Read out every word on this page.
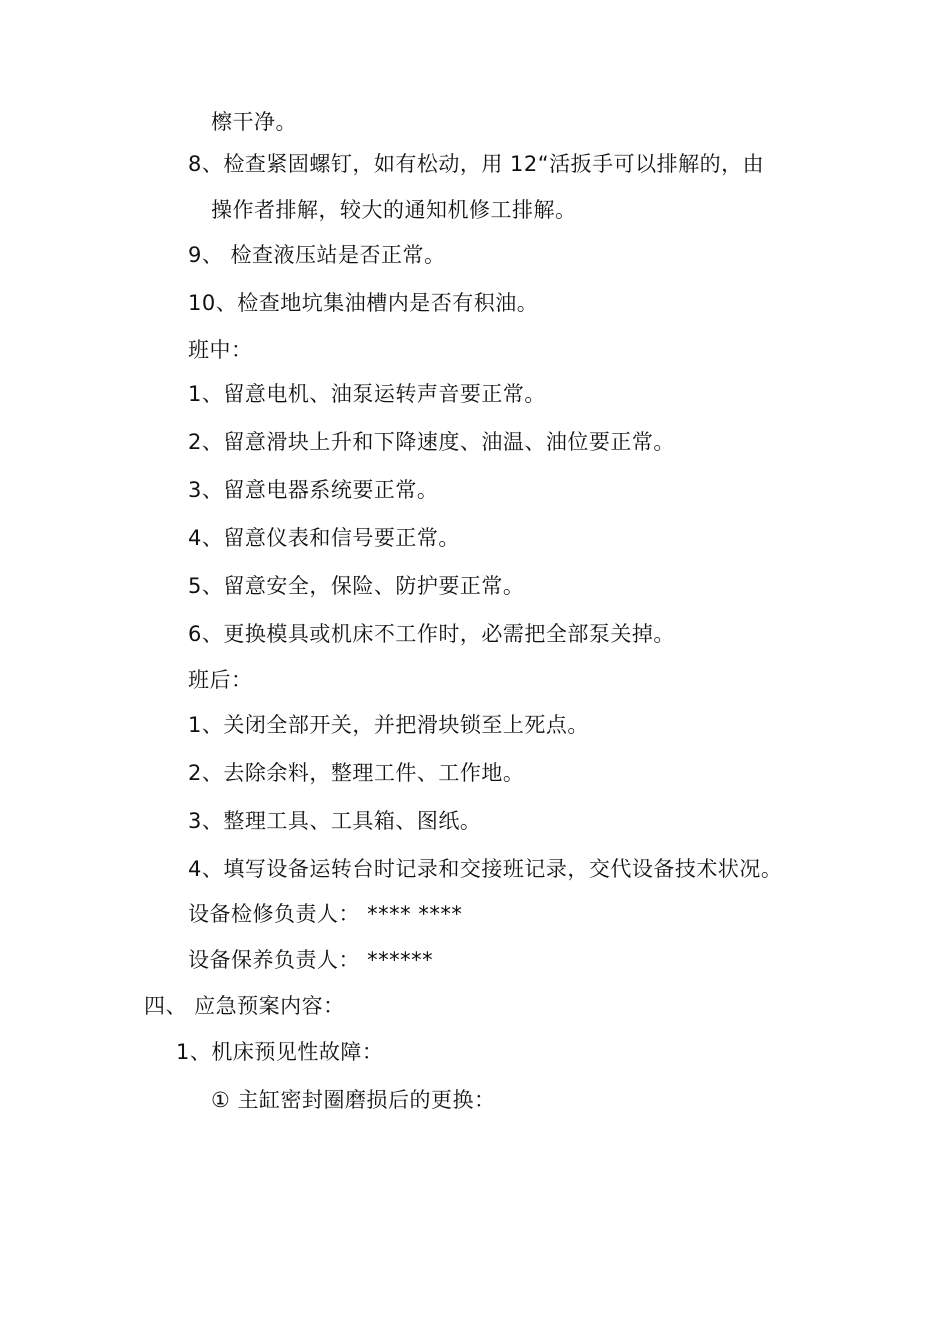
檫干净。
8、检查紧固螺钉，如有松动，用 12“活扳手可以排解的，由
操作者排解，较大的通知机修工排解。
9、 检查液压站是否正常。
10、检查地坑集油槽内是否有积油。
班中：
1、留意电机、油泵运转声音要正常。
2、留意滑块上升和下降速度、油温、油位要正常。
3、留意电器系统要正常。
4、留意仪表和信号要正常。
5、留意安全，保险、防护要正常。
6、更换模具或机床不工作时，必需把全部泵关掉。
班后：
1、关闭全部开关，并把滑块锁至上死点。
2、去除余料，整理工件、工作地。
3、整理工具、工具箱、图纸。
4、填写设备运转台时记录和交接班记录，交代设备技术状况。
设备检修负责人： **** ****
设备保养负责人： ******
四、 应急预案内容：
1、机床预见性故障：
① 主缸密封圈磨损后的更换：
